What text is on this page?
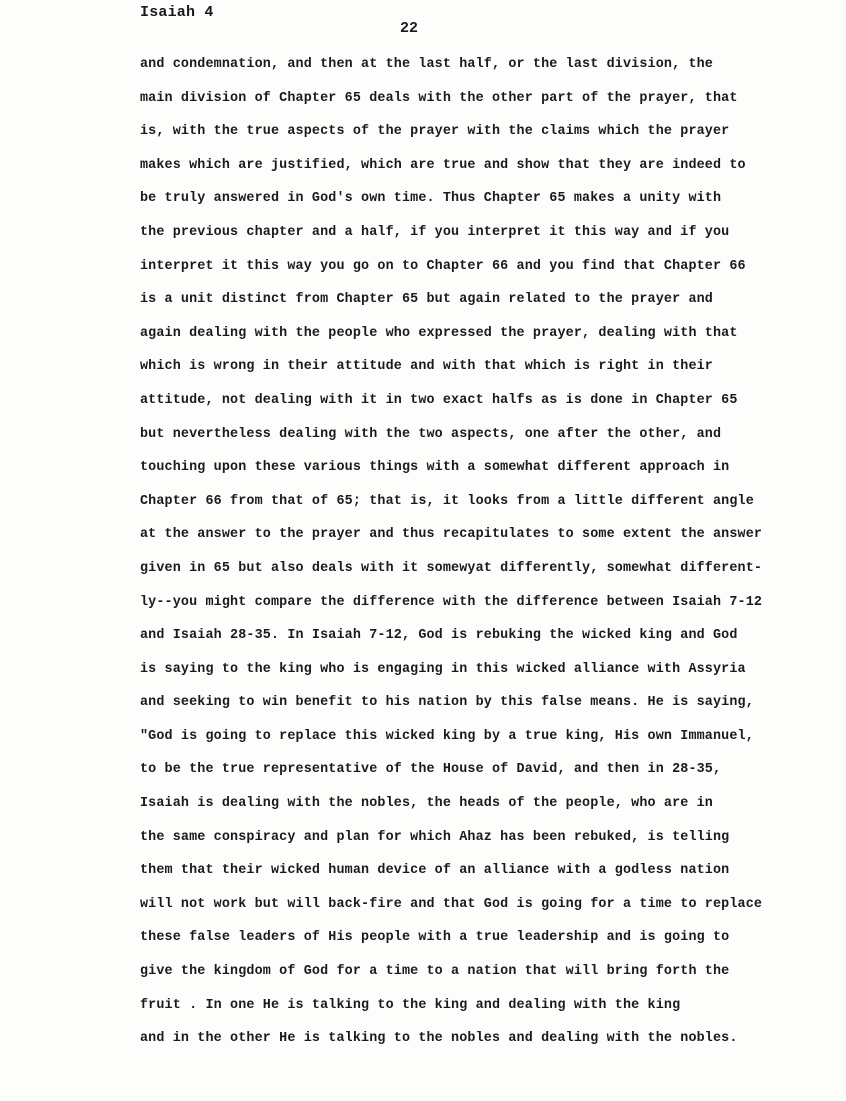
Isaiah 4
22
and condemnation, and then at the last half, or the last division, the
main division of Chapter 65 deals with the other part of the prayer, that
is, with the true aspects of the prayer with the claims which the prayer
makes which are justified, which are true and show that they are indeed to
be truly answered in God's own time. Thus Chapter 65 makes a unity with
the previous chapter and a half, if you interpret it this way and if you
interpret it this way you go on to Chapter 66 and you find that Chapter 66
is a unit distinct from Chapter 65 but again related to the prayer and
again dealing with the people who expressed the prayer, dealing with that
which is wrong in their attitude and with that which is right in their
attitude, not dealing with it in two exact halfs as is done in Chapter 65
but nevertheless dealing with the two aspects, one after the other, and
touching upon these various things with a somewhat different approach in
Chapter 66 from that of 65; that is, it looks from a little different angle
at the answer to the prayer and thus recapitulates to some extent the answer
given in 65 but also deals with it somewyat differently, somewhat different-
ly--you might compare the difference with the difference between Isaiah 7-12
and Isaiah 28-35. In Isaiah 7-12, God is rebuking the wicked king and God
is saying to the king who is engaging in this wicked alliance with Assyria
and seeking to win benefit to his nation by this false means. He is saying,
"God is going to replace this wicked king by a true king, His own Immanuel,
to be the true representative of the House of David, and then in 28-35,
Isaiah is dealing with the nobles, the heads of the people, who are in
the same conspiracy and plan for which Ahaz has been rebuked, is telling
them that their wicked human device of an alliance with a godless nation
will not work but will back-fire and that God is going for a time to replace
these false leaders of His people with a true leadership and is going to
give the kingdom of God for a time to a nation that will bring forth the
fruit . In one He is talking to the king and dealing with the king
and in the other He is talking to the nobles and dealing with the nobles.
